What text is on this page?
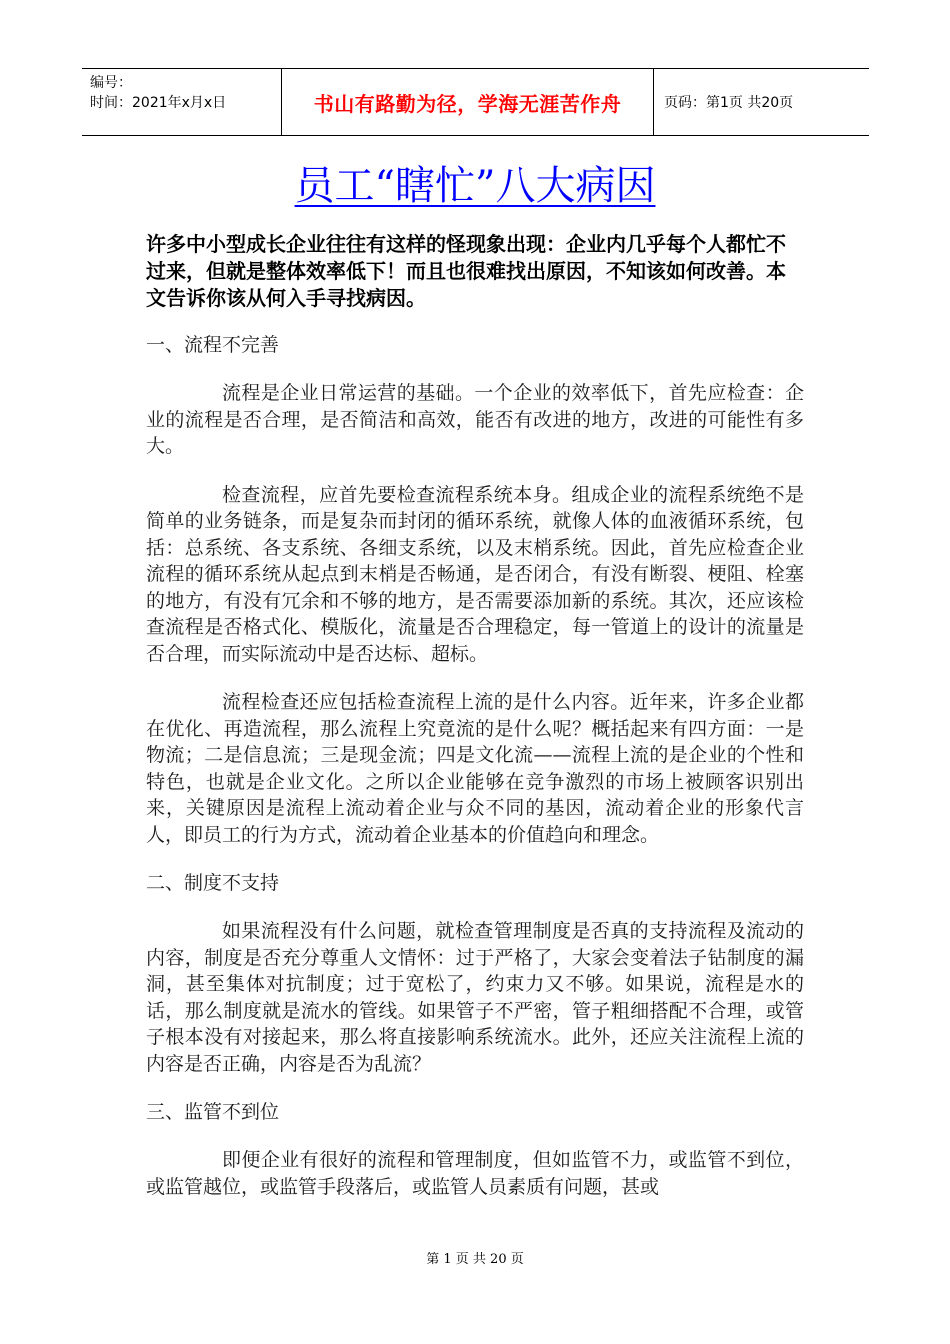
编号：
时间：2021年x月x日	书山有路勤为径，学海无涯苦作舟	页码：第1页 共20页
员工“瞎忙”八大病因

许多中小型成长企业往往有这样的怪现象出现：企业内几乎每个人都忙不过来，但就是整体效率低下！而且也很难找出原因，不知该如何改善。本文告诉你该从何入手寻找病因。

一、流程不完善

流程是企业日常运营的基础。一个企业的效率低下，首先应检查：企业的流程是否合理，是否简洁和高效，能否有改进的地方，改进的可能性有多大。

检查流程，应首先要检查流程系统本身。组成企业的流程系统绝不是简单的业务链条，而是复杂而封闭的循环系统，就像人体的血液循环系统，包括：总系统、各支系统、各细支系统，以及末梢系统。因此，首先应检查企业流程的循环系统从起点到末梢是否畅通，是否闭合，有没有断裂、梗阻、栓塞的地方，有没有冗余和不够的地方，是否需要添加新的系统。其次，还应该检查流程是否格式化、模版化，流量是否合理稳定，每一管道上的设计的流量是否合理，而实际流动中是否达标、超标。

流程检查还应包括检查流程上流的是什么内容。近年来，许多企业都在优化、再造流程，那么流程上究竟流的是什么呢？概括起来有四方面：一是物流；二是信息流；三是现金流；四是文化流——流程上流的是企业的个性和特色，也就是企业文化。之所以企业能够在竞争激烈的市场上被顾客识别出来，关键原因是流程上流动着企业与众不同的基因，流动着企业的形象代言人，即员工的行为方式，流动着企业基本的价值趋向和理念。

二、制度不支持

如果流程没有什么问题，就检查管理制度是否真的支持流程及流动的内容，制度是否充分尊重人文情怀：过于严格了，大家会变着法子钻制度的漏洞，甚至集体对抗制度；过于宽松了，约束力又不够。如果说，流程是水的话，那么制度就是流水的管线。如果管子不严密，管子粗细搭配不合理，或管子根本没有对接起来，那么将直接影响系统流水。此外，还应关注流程上流的内容是否正确，内容是否为乱流？

三、监管不到位

即便企业有很好的流程和管理制度，但如监管不力，或监管不到位，或监管越位，或监管手段落后，或监管人员素质有问题，甚或

第 1 页 共 20 页
